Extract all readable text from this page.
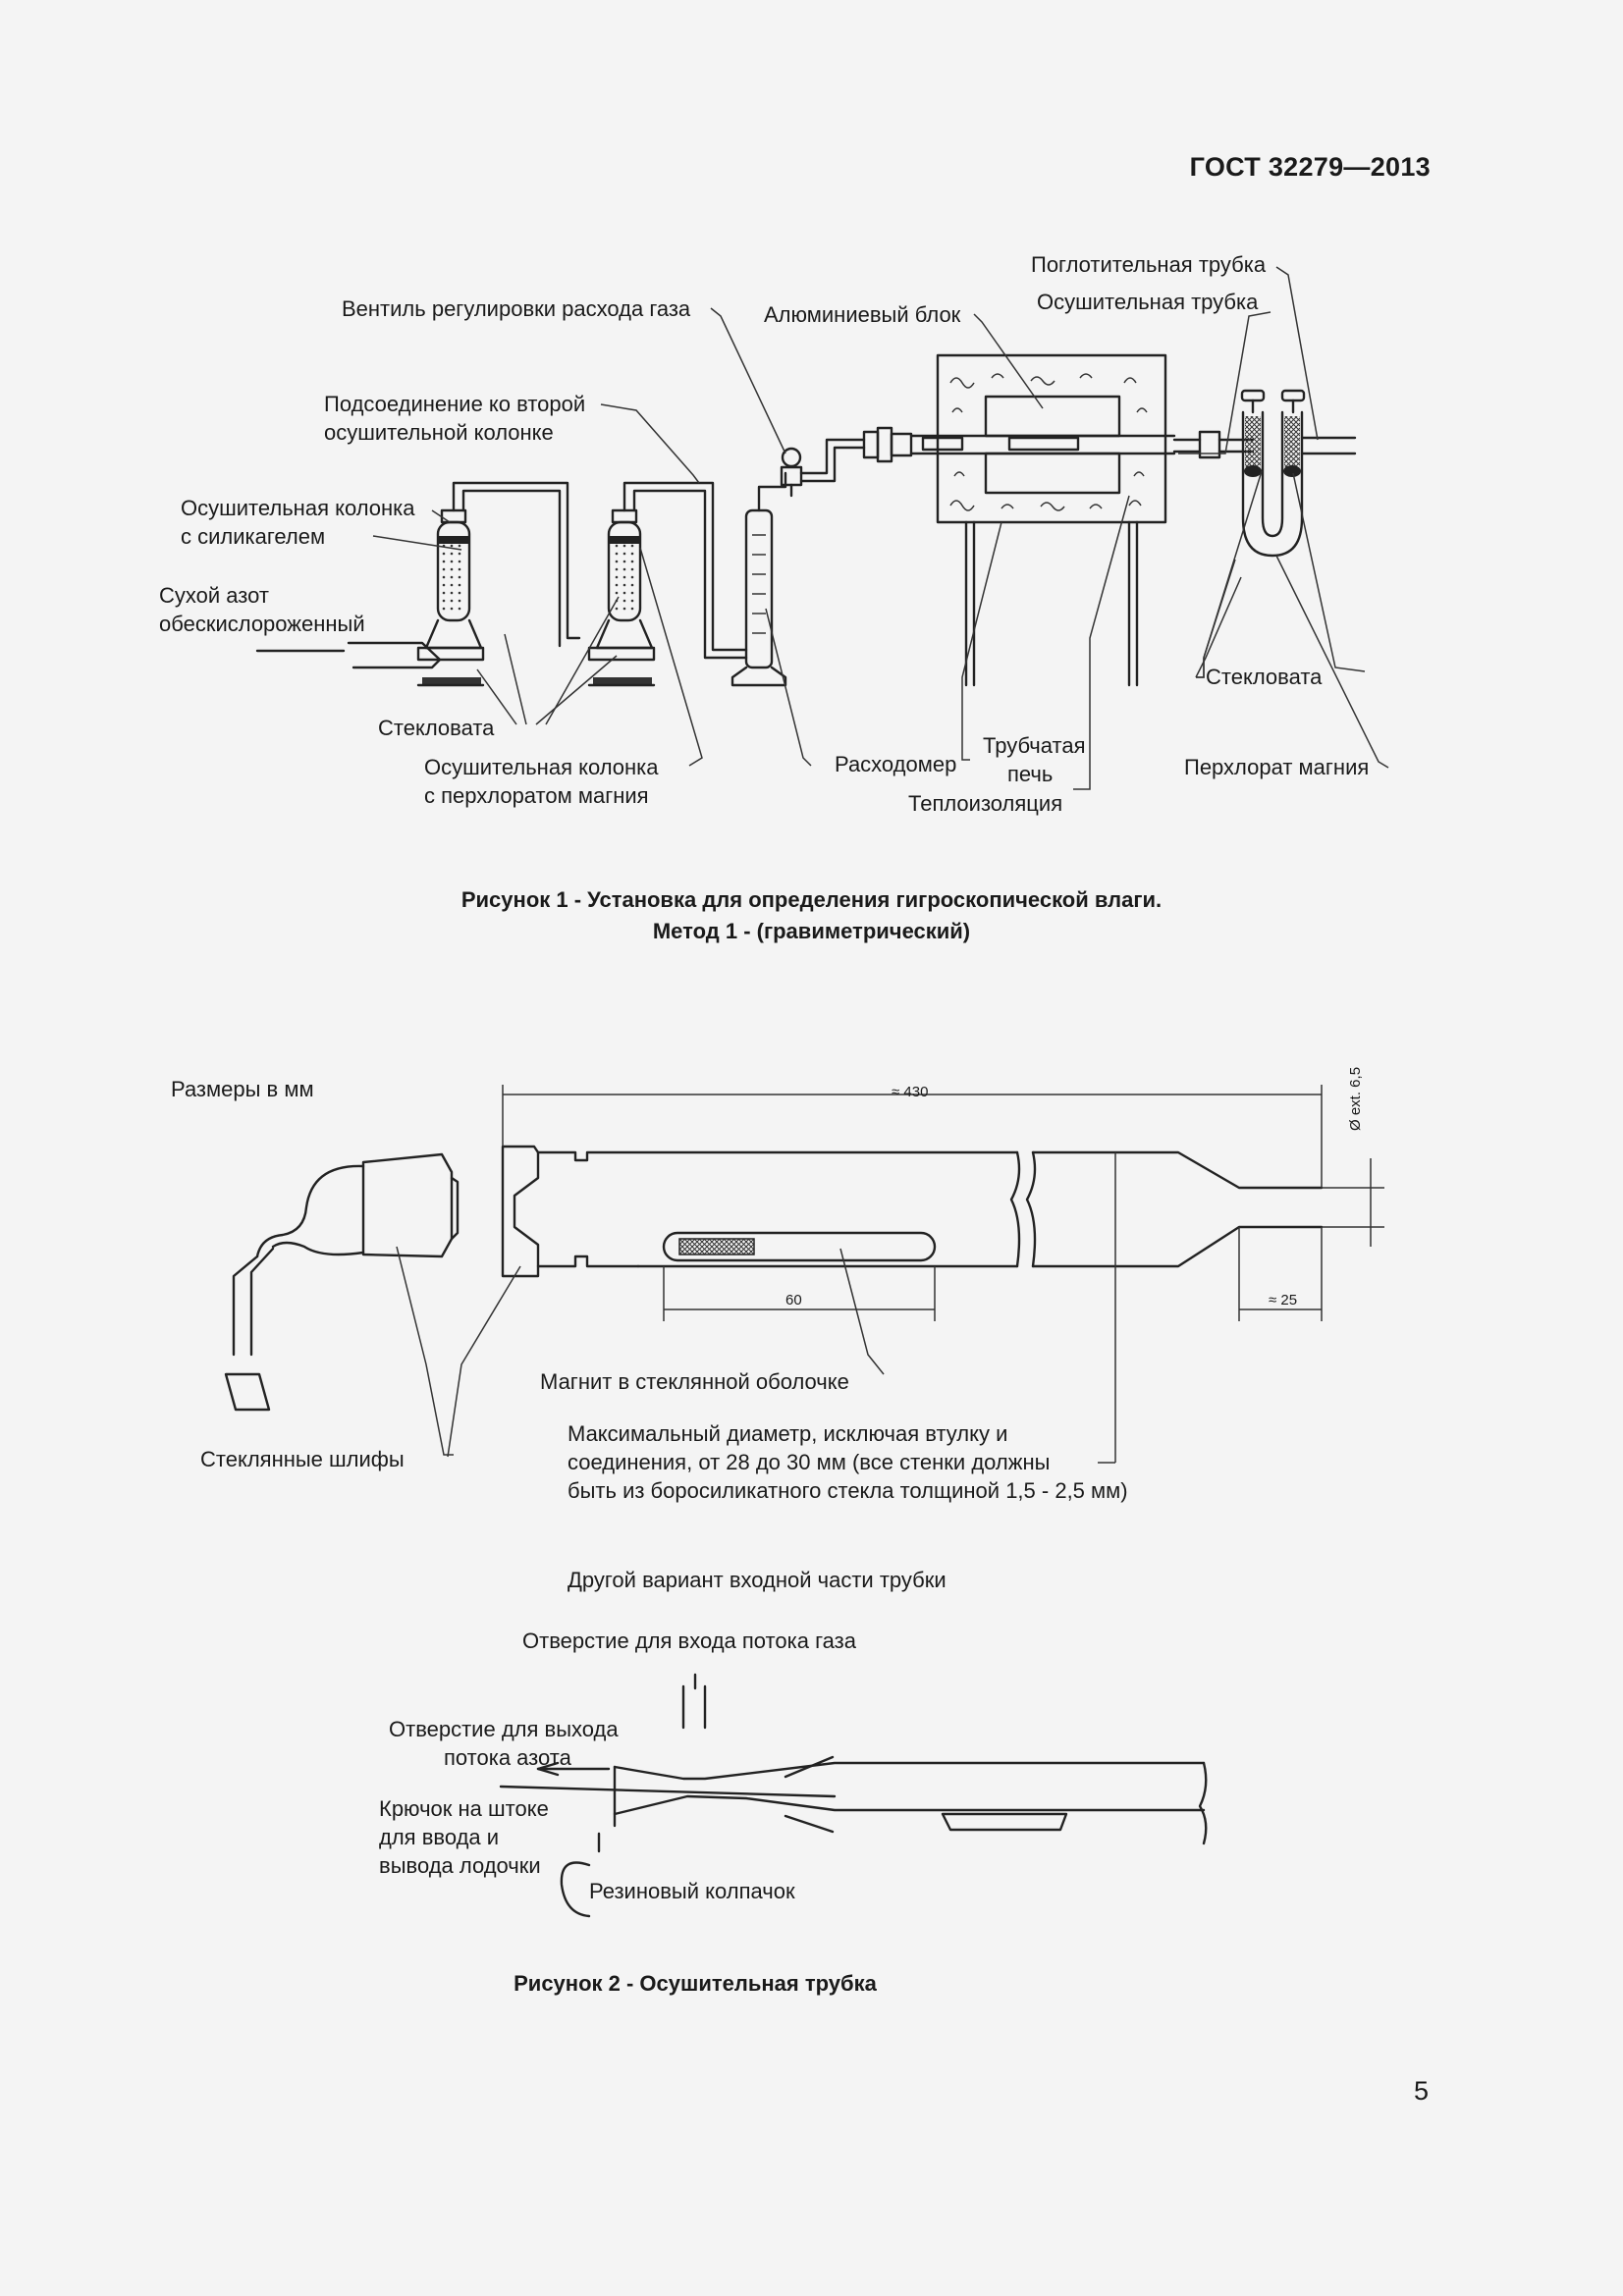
ГОСТ 32279—2013
Поглотительная трубка
Осушительная трубка
Вентиль регулировки расхода газа	Алюминиевый блок
Подсоединение ко второй
осушительной колонке
Осушительная колонка
с силикагелем
Сухой азот
обескислороженный
Стекловата
Осушительная колонка
с перхлоратом магния
Расходомер
Трубчатая
печь
Теплоизоляция
Стекловата
Перхлорат магния
Рисунок 1 - Установка для определения гигроскопической влаги.
Метод 1 - (гравиметрический)
Размеры в мм	≈ 430	Ø ext. 6,5
60	≈ 25
Магнит в стеклянной оболочке
Максимальный диаметр, исключая втулку и
соединения, от 28 до 30 мм (все стенки должны
быть из боросиликатного стекла толщиной 1,5 - 2,5 мм)
Стеклянные шлифы
Другой вариант входной части трубки
Отверстие для входа потока газа
Отверстие для выхода
потока азота
Крючок на штоке
для ввода и
вывода лодочки
Резиновый колпачок
Рисунок 2 - Осушительная трубка
5
